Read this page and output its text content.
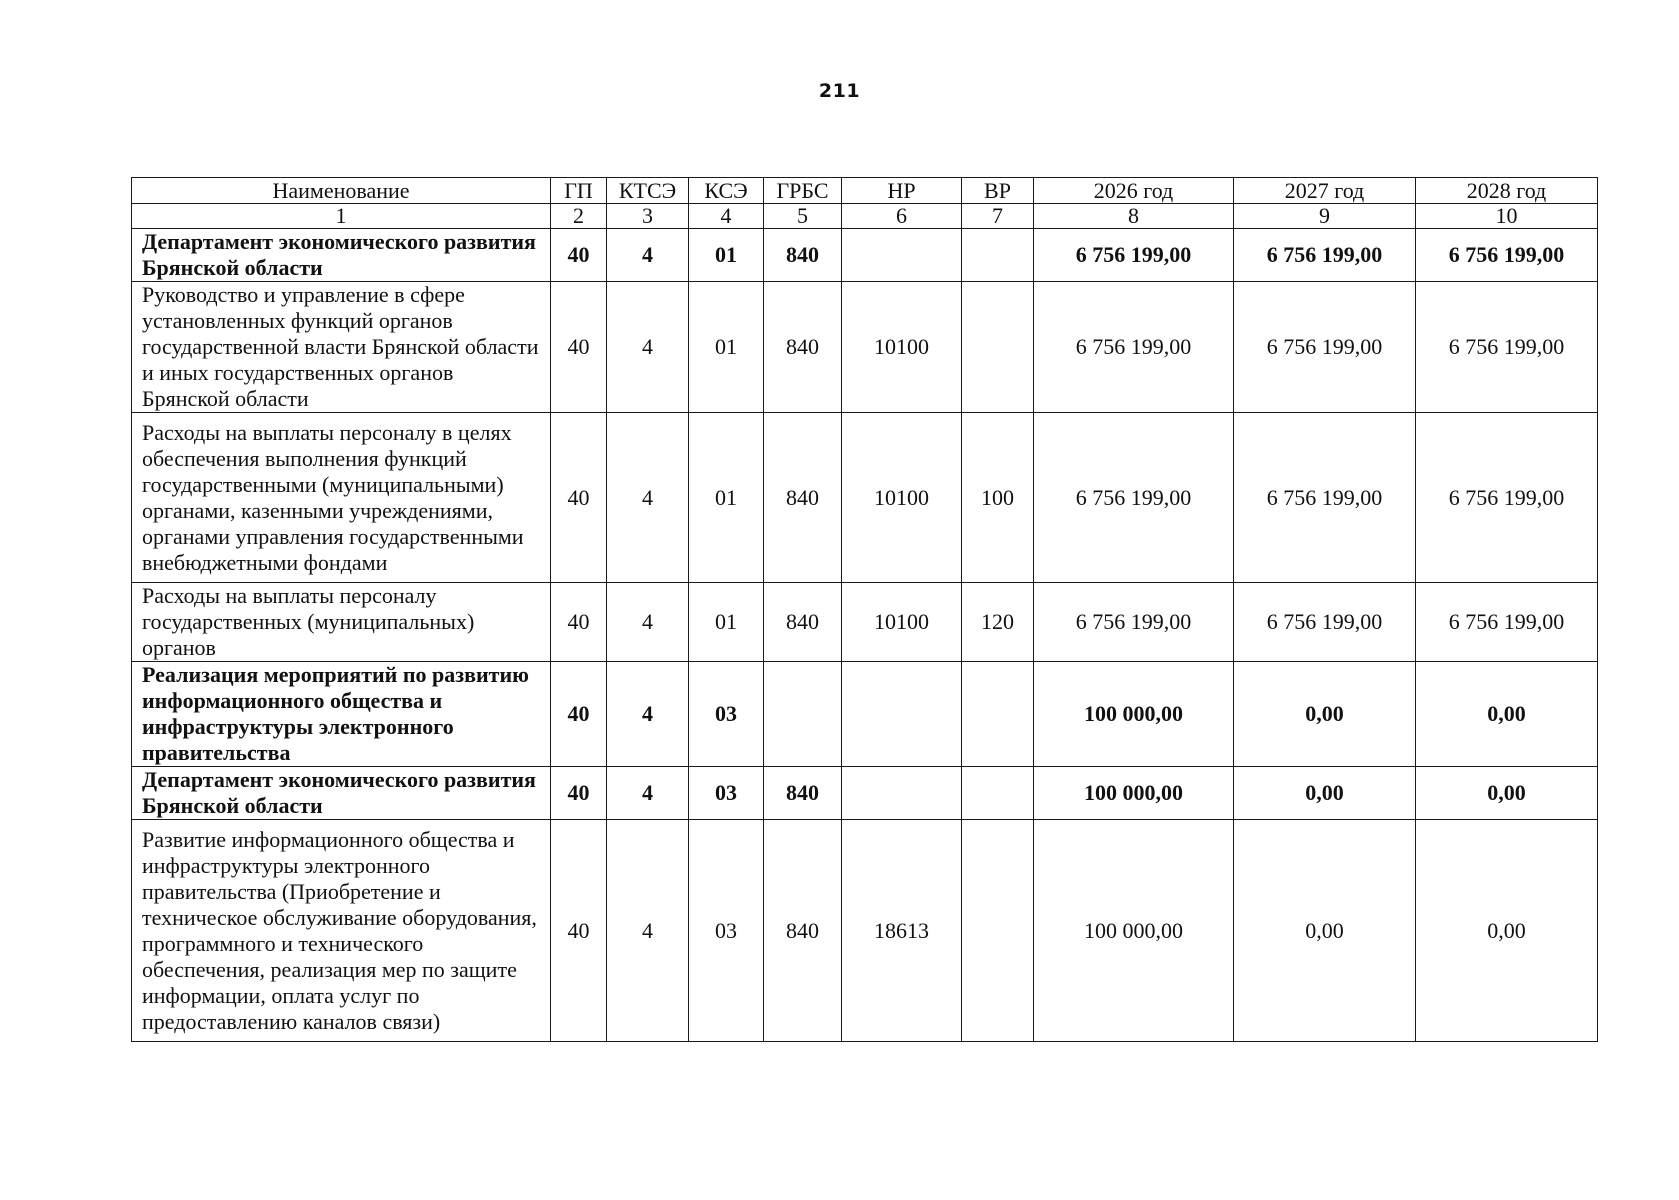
211
Наименование	ГП	КТСЭ	КСЭ	ГРБС	НР	ВР	2026 год	2027 год	2028 год
1	2	3	4	5	6	7	8	9	10
Департамент экономического развития Брянской области	40	4	01	840			6 756 199,00	6 756 199,00	6 756 199,00
Руководство и управление в сфере установленных функций органов государственной власти Брянской области и иных государственных органов Брянской области	40	4	01	840	10100		6 756 199,00	6 756 199,00	6 756 199,00
Расходы на выплаты персоналу в целях обеспечения выполнения функций государственными (муниципальными) органами, казенными учреждениями, органами управления государственными внебюджетными фондами	40	4	01	840	10100	100	6 756 199,00	6 756 199,00	6 756 199,00
Расходы на выплаты персоналу государственных (муниципальных) органов	40	4	01	840	10100	120	6 756 199,00	6 756 199,00	6 756 199,00
Реализация мероприятий по развитию информационного общества и инфраструктуры электронного правительства	40	4	03				100 000,00	0,00	0,00
Департамент экономического развития Брянской области	40	4	03	840			100 000,00	0,00	0,00
Развитие информационного общества и инфраструктуры электронного правительства (Приобретение и техническое обслуживание оборудования, программного и технического обеспечения, реализация мер по защите информации, оплата услуг по предоставлению каналов связи)	40	4	03	840	18613		100 000,00	0,00	0,00
